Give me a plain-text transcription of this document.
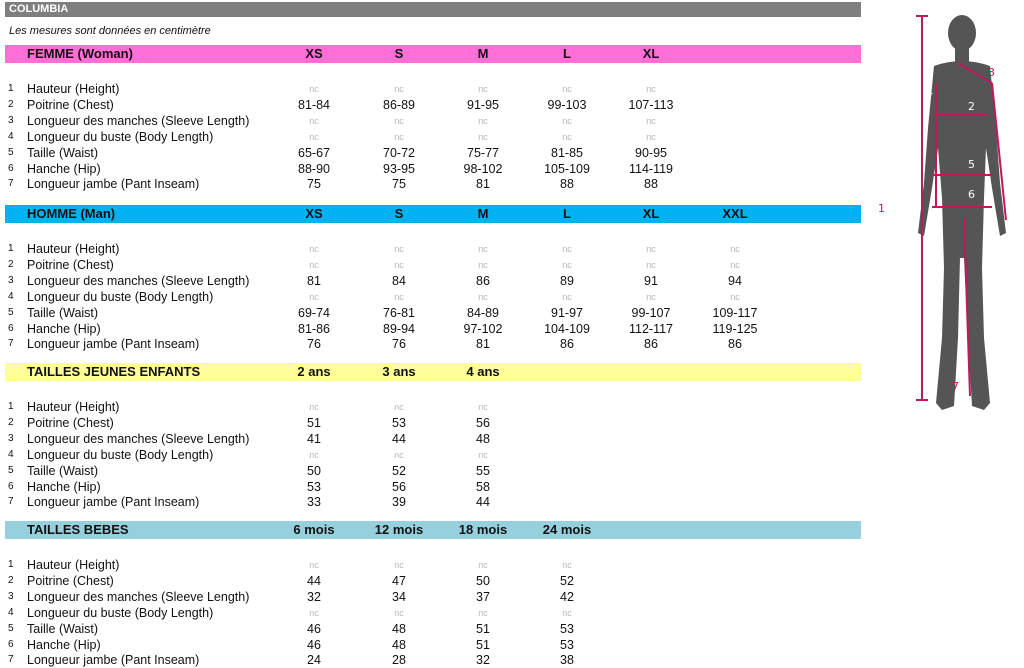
COLUMBIA
Les mesures sont données en centimètre
FEMME (Woman)	XS	S	M	L	XL
1 Hauteur (Height)	nc	nc	nc	nc	nc
2 Poitrine (Chest)	81-84	86-89	91-95	99-103	107-113
3 Longueur des manches (Sleeve Length)	nc	nc	nc	nc	nc
4 Longueur du buste (Body Length)	nc	nc	nc	nc	nc
5 Taille (Waist)	65-67	70-72	75-77	81-85	90-95
6 Hanche (Hip)	88-90	93-95	98-102	105-109	114-119
7 Longueur jambe (Pant Inseam)	75	75	81	88	88
HOMME (Man)	XS	S	M	L	XL	XXL
1 Hauteur (Height)	nc	nc	nc	nc	nc	nc
2 Poitrine (Chest)	nc	nc	nc	nc	nc	nc
3 Longueur des manches (Sleeve Length)	81	84	86	89	91	94
4 Longueur du buste (Body Length)	nc	nc	nc	nc	nc	nc
5 Taille (Waist)	69-74	76-81	84-89	91-97	99-107	109-117
6 Hanche (Hip)	81-86	89-94	97-102	104-109	112-117	119-125
7 Longueur jambe (Pant Inseam)	76	76	81	86	86	86
TAILLES JEUNES ENFANTS	2 ans	3 ans	4 ans
1 Hauteur (Height)	nc	nc	nc
2 Poitrine (Chest)	51	53	56
3 Longueur des manches (Sleeve Length)	41	44	48
4 Longueur du buste (Body Length)	nc	nc	nc
5 Taille (Waist)	50	52	55
6 Hanche (Hip)	53	56	58
7 Longueur jambe (Pant Inseam)	33	39	44
TAILLES BEBES	6 mois	12 mois	18 mois	24 mois
1 Hauteur (Height)	nc	nc	nc	nc
2 Poitrine (Chest)	44	47	50	52
3 Longueur des manches (Sleeve Length)	32	34	37	42
4 Longueur du buste (Body Length)	nc	nc	nc	nc
5 Taille (Waist)	46	48	51	53
6 Hanche (Hip)	46	48	51	53
7 Longueur jambe (Pant Inseam)	24	28	32	38
1
2
3
4
5
6
7
